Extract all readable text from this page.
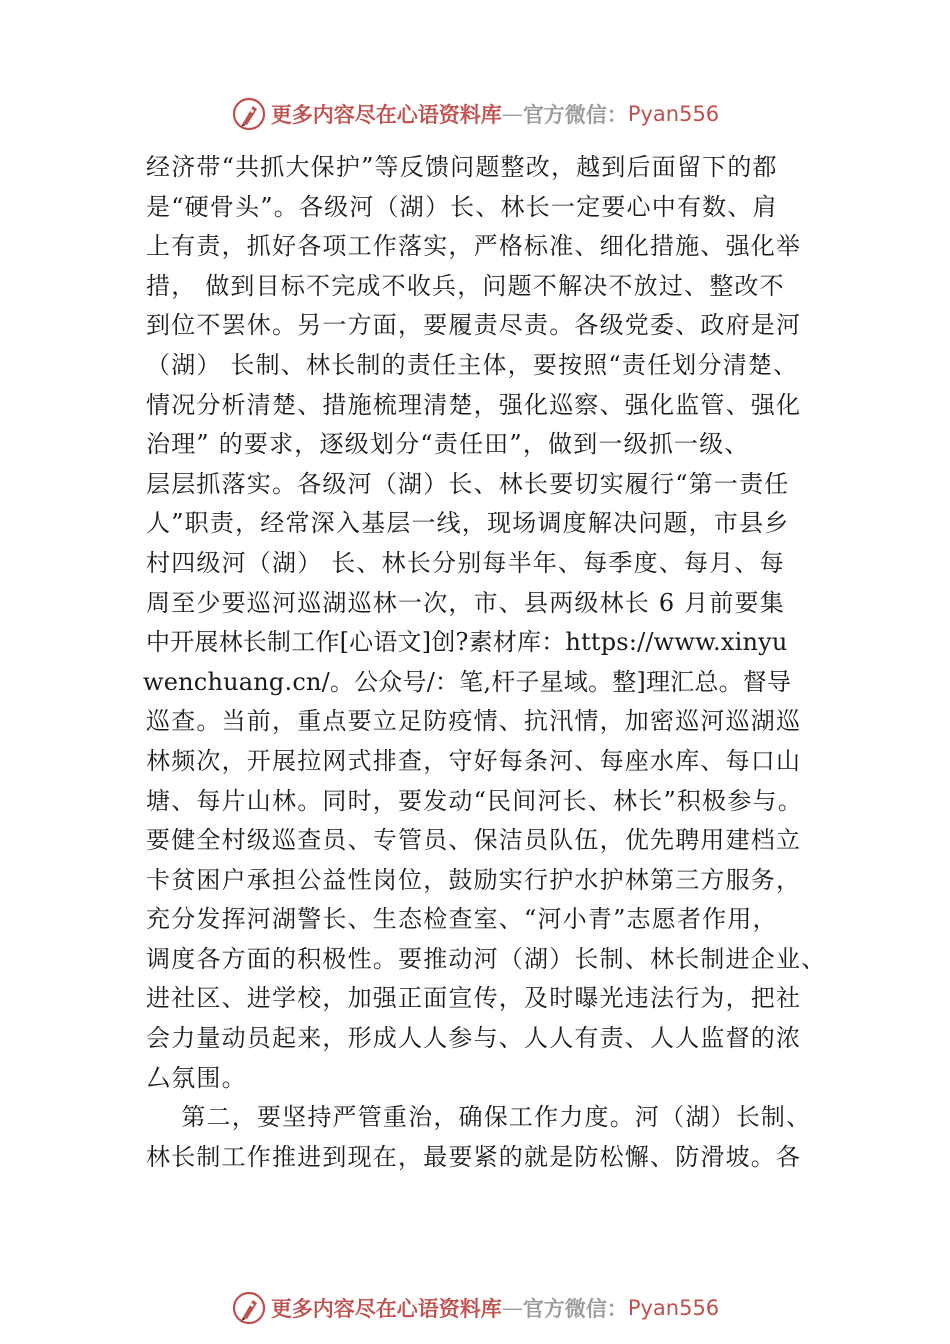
更多内容尽在心语资料库 — 官方微信： Pyan556
经济带“共抓大保护”等反馈问题整改，越到后面留下的都
是“硬骨头”。各级河（湖）长、林长一定要心中有数、肩
上有责，抓好各项工作落实，严格标准、细化措施、强化举
措， 做到目标不完成不收兵，问题不解决不放过、整改不
到位不罢休。另一方面，要履责尽责。各级党委、政府是河
（湖） 长制、林长制的责任主体，要按照“责任划分清楚、
情况分析清楚、措施梳理清楚，强化巡察、强化监管、强化
治理” 的要求，逐级划分“责任田”，做到一级抓一级、
层层抓落实。各级河（湖）长、林长要切实履行“第一责任
人”职责，经常深入基层一线，现场调度解决问题，市县乡
村四级河（湖） 长、林长分别每半年、每季度、每月、每
周至少要巡河巡湖巡林一次，市、县两级林长 6 月前要集
中开展林长制工作[心语文]创?素材库：https://www.xinyu
wenchuang.cn/。公众号/：笔,杆子星域。整]理汇总。督导
巡查。当前，重点要立足防疫情、抗汛情，加密巡河巡湖巡
林频次，开展拉网式排查，守好每条河、每座水库、每口山
塘、每片山林。同时，要发动“民间河长、林长”积极参与。
要健全村级巡查员、专管员、保洁员队伍，优先聘用建档立
卡贫困户承担公益性岗位，鼓励实行护水护林第三方服务，
充分发挥河湖警长、生态检查室、“河小青”志愿者作用，
调度各方面的积极性。要推动河（湖）长制、林长制进企业、
进社区、进学校，加强正面宣传，及时曝光违法行为，把社
会力量动员起来，形成人人参与、人人有责、人人监督的浓
厶氛围。
第二，要坚持严管重治，确保工作力度。河（湖）长制、
林长制工作推进到现在，最要紧的就是防松懈、防滑坡。各
更多内容尽在心语资料库 — 官方微信： Pyan556
